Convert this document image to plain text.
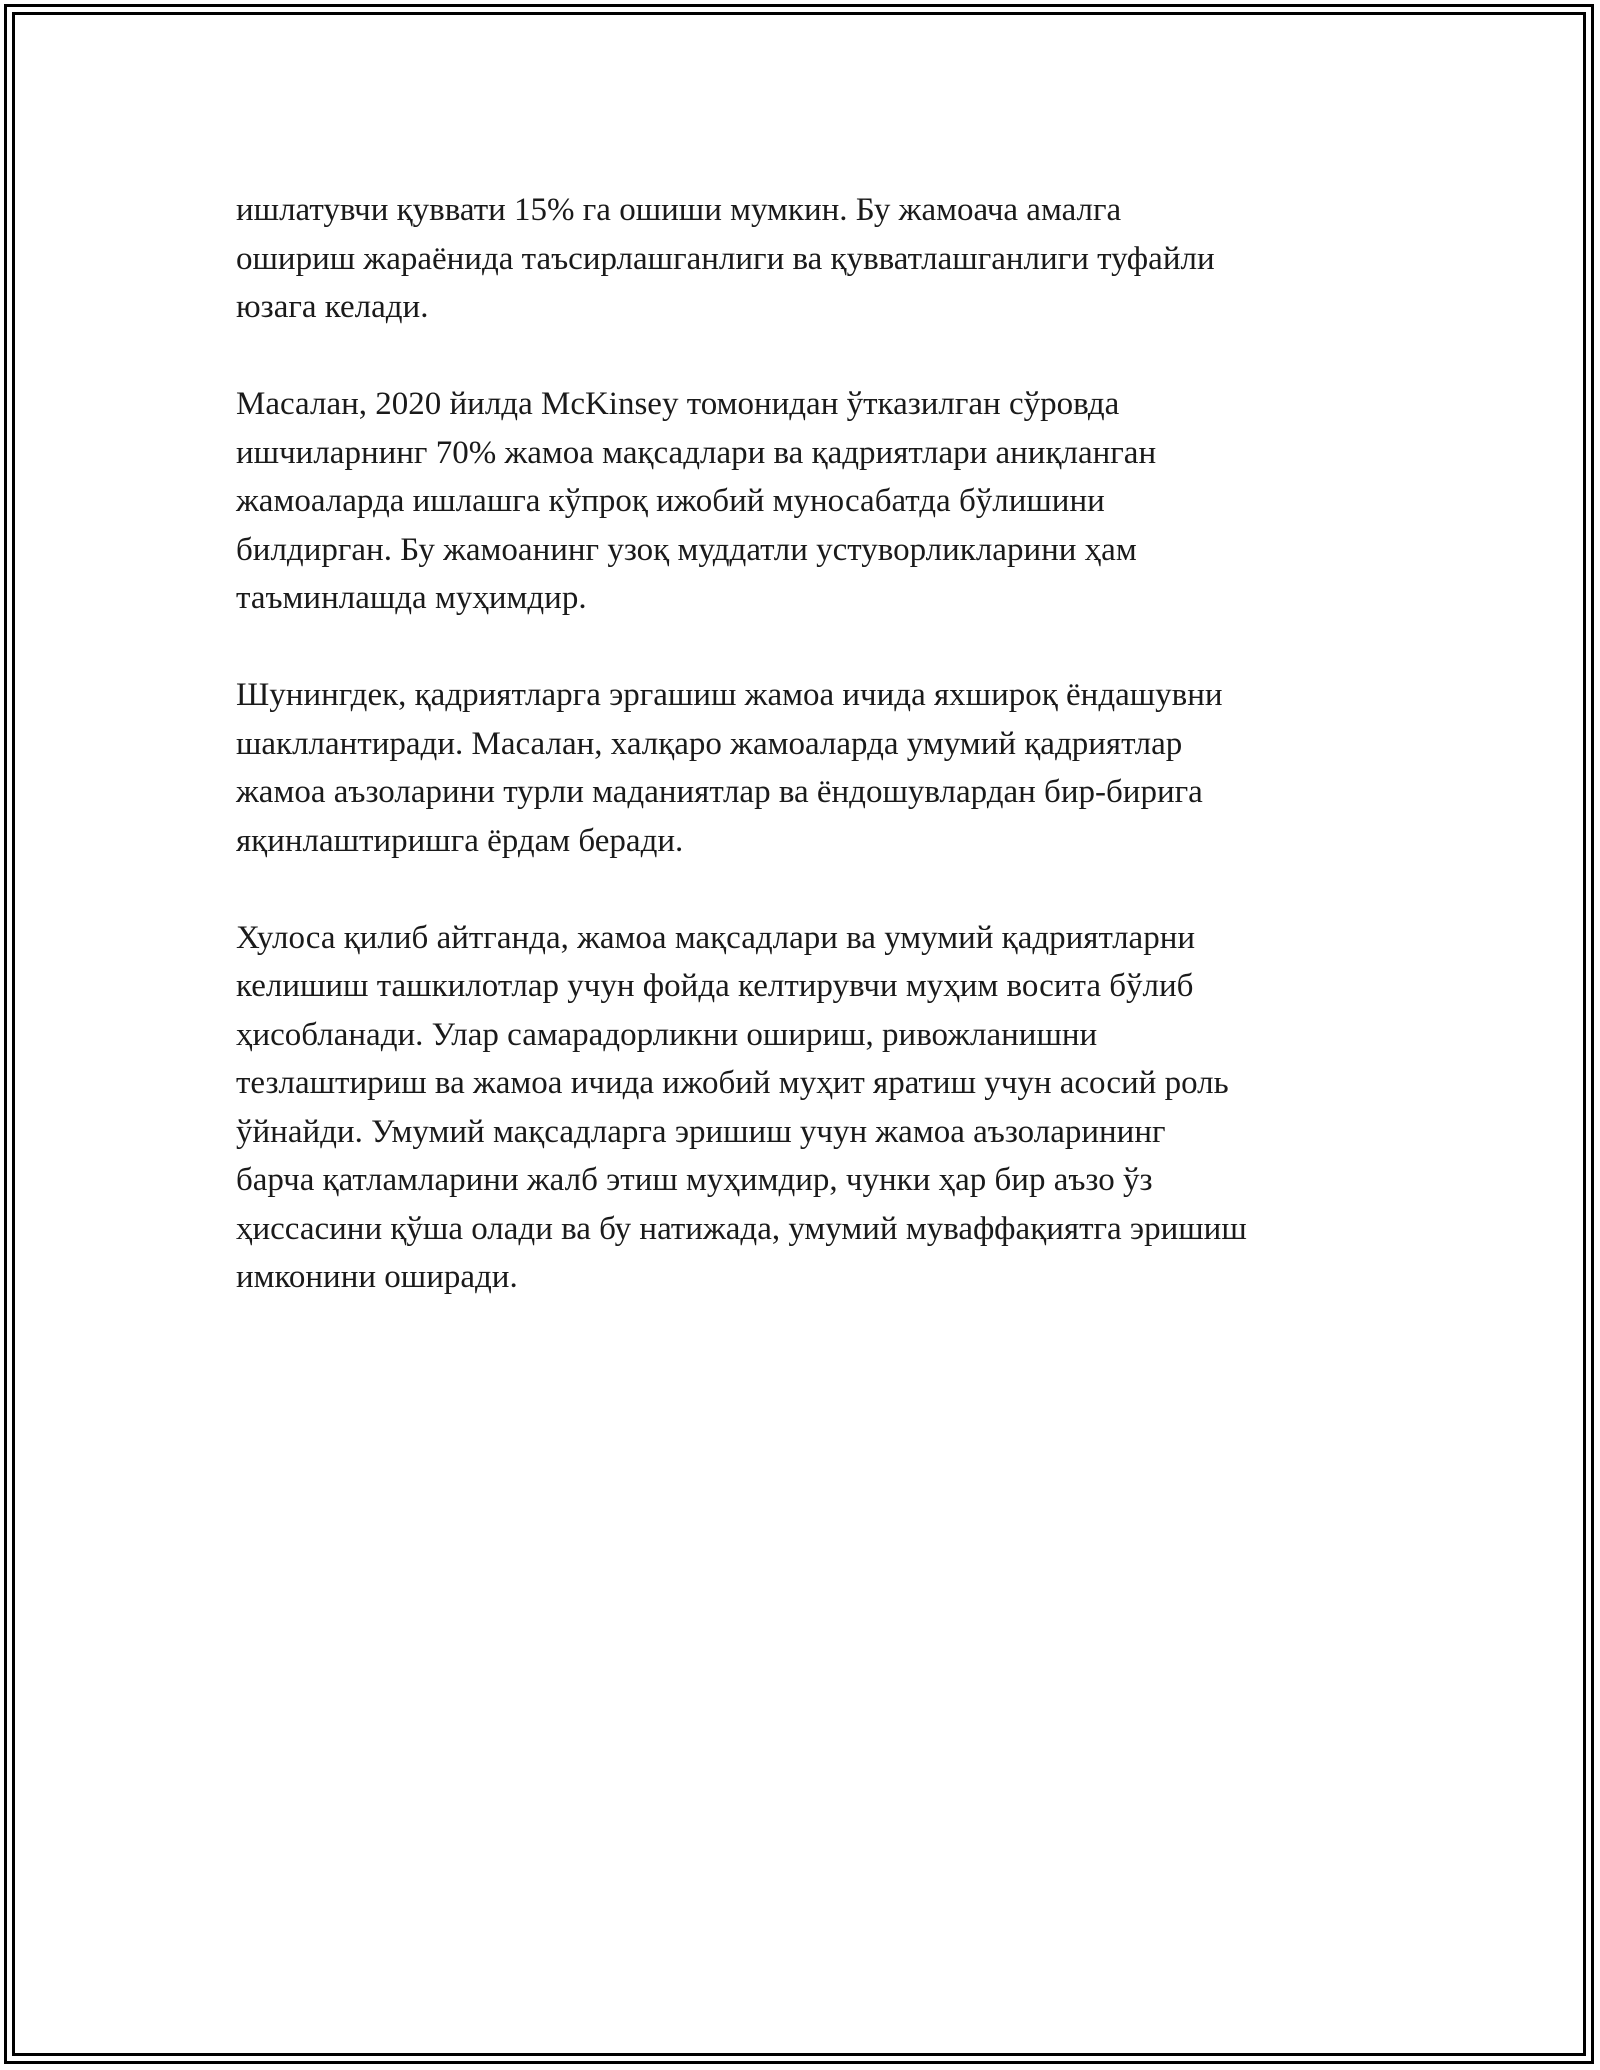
ишлатувчи қуввати 15% га ошиши мумкин. Бу жамоача амалга
ошириш жараёнида таъсирлашганлиги ва қувватлашганлиги туфайли
юзага келади.

Масалан, 2020 йилда McKinsey томонидан ўтказилган сўровда
ишчиларнинг 70% жамоа мақсадлари ва қадриятлари аниқланган
жамоаларда ишлашга кўпроқ ижобий муносабатда бўлишини
билдирган. Бу жамоанинг узоқ муддатли устуворликларини ҳам
таъминлашда муҳимдир.

Шунингдек, қадриятларга эргашиш жамоа ичида яхшироқ ёндашувни
шакллантиради. Масалан, халқаро жамоаларда умумий қадриятлар
жамоа аъзоларини турли маданиятлар ва ёндошувлардан бир-бирига
яқинлаштиришга ёрдам беради.

Хулоса қилиб айтганда, жамоа мақсадлари ва умумий қадриятларни
келишиш ташкилотлар учун фойда келтирувчи муҳим восита бўлиб
ҳисобланади. Улар самарадорликни ошириш, ривожланишни
тезлаштириш ва жамоа ичида ижобий муҳит яратиш учун асосий роль
ўйнайди. Умумий мақсадларга эришиш учун жамоа аъзоларининг
барча қатламларини жалб этиш муҳимдир, чунки ҳар бир аъзо ўз
ҳиссасини қўша олади ва бу натижада, умумий муваффақиятга эришиш
имконини оширади.
